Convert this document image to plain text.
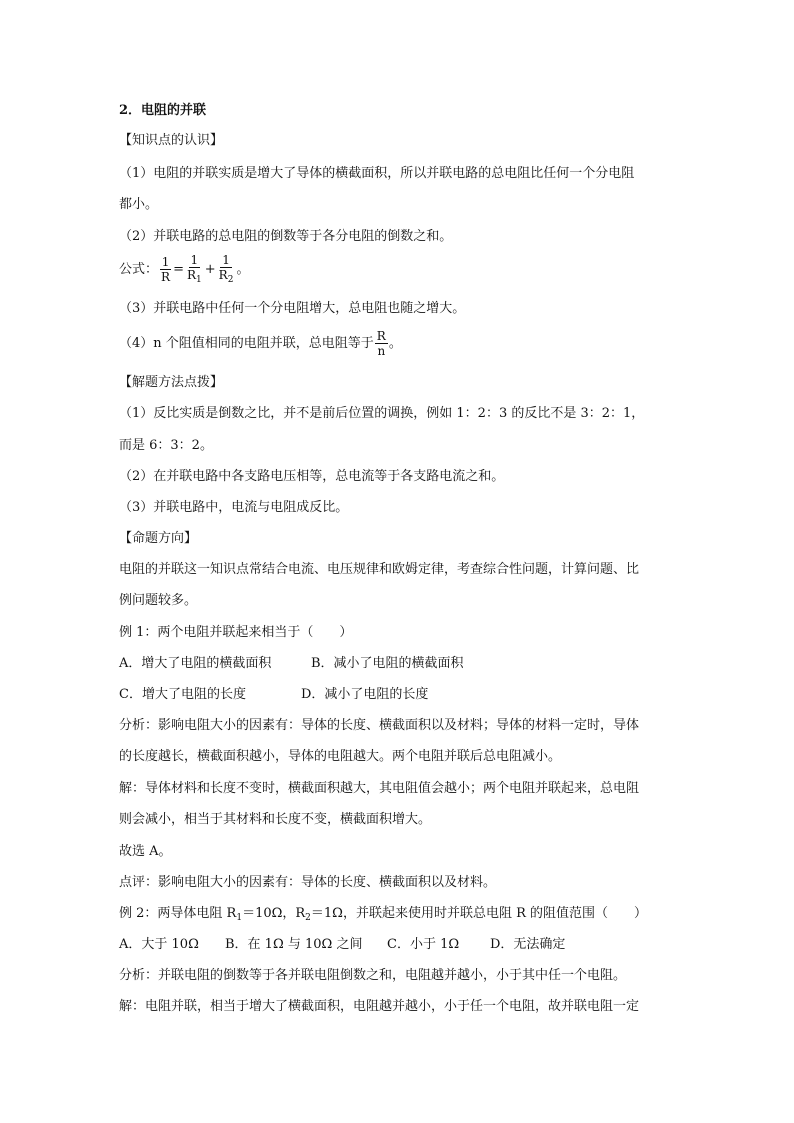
2．电阻的并联
【知识点的认识】
（1）电阻的并联实质是增大了导体的横截面积，所以并联电路的总电阻比任何一个分电阻
都小。
（2）并联电路的总电阻的倒数等于各分电阻的倒数之和。
公式： $\frac{1}{R} = \frac{1}{R_1} + \frac{1}{R_2}$ 。
（3）并联电路中任何一个分电阻增大，总电阻也随之增大。
（4）n 个阻值相同的电阻并联，总电阻等于 $\frac{R}{n}$ 。
【解题方法点拨】
（1）反比实质是倒数之比，并不是前后位置的调换，例如 1：2：3 的反比不是 3：2：1，
而是 6：3：2。
（2）在并联电路中各支路电压相等，总电流等于各支路电流之和。
（3）并联电路中，电流与电阻成反比。
【命题方向】
电阻的并联这一知识点常结合电流、电压规律和欧姆定律，考查综合性问题，计算问题、比
例问题较多。
例 1：两个电阻并联起来相当于（　　）
A．增大了电阻的横截面积	B．减小了电阻的横截面积
C．增大了电阻的长度	D．减小了电阻的长度
分析：影响电阻大小的因素有：导体的长度、横截面积以及材料；导体的材料一定时，导体
的长度越长，横截面积越小，导体的电阻越大。两个电阻并联后总电阻减小。
解：导体材料和长度不变时，横截面积越大，其电阻值会越小；两个电阻并联起来，总电阻
则会减小，相当于其材料和长度不变，横截面积增大。
故选 A。
点评：影响电阻大小的因素有：导体的长度、横截面积以及材料。
例 2：两导体电阻 $R_1=10\Omega$，$R_2=1\Omega$，并联起来使用时并联总电阻 R 的阻值范围（　　）
A．大于 10Ω B．在 1Ω 与 10Ω 之间 C．小于 1Ω D．无法确定
分析：并联电阻的倒数等于各并联电阻倒数之和，电阻越并越小，小于其中任一个电阻。
解：电阻并联，相当于增大了横截面积，电阻越并越小，小于任一个电阻，故并联电阻一定
